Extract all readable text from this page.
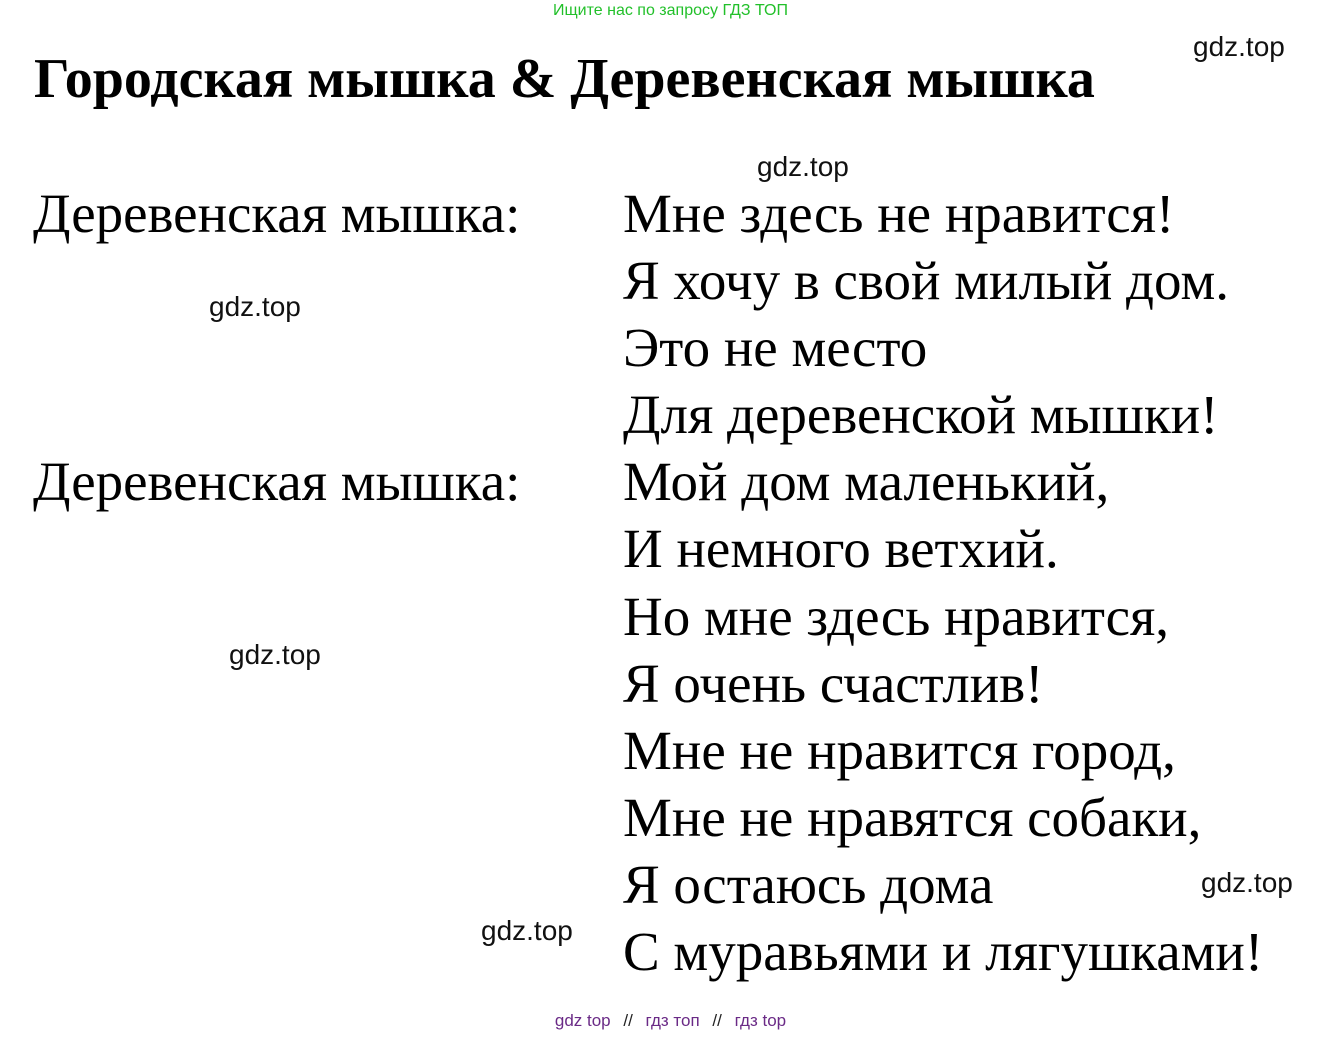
Ищите нас по запросу ГДЗ ТОП
Городская мышка & Деревенская мышка
gdz.top
gdz.top
gdz.top
gdz.top
gdz.top
gdz.top
Деревенская мышка:
Деревенская мышка:
Мне здесь не нравится!
Я хочу в свой милый дом.
Это не место
Для деревенской мышки!
Мой дом маленький,
И немного ветхий.
Но мне здесь нравится,
Я очень счастлив!
Мне не нравится город,
Мне не нравятся собаки,
Я остаюсь дома
С муравьями и лягушками!
gdz top // гдз топ // гдз top
